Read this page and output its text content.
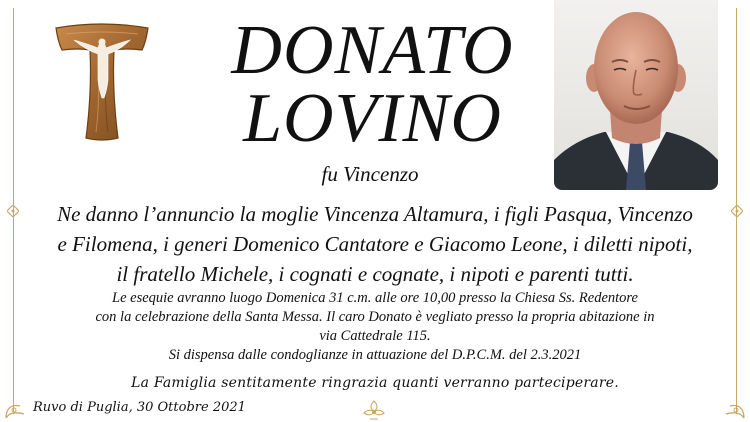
DONATO
LOVINO
fu Vincenzo
Ne danno l’annuncio la moglie Vincenza Altamura, i figli Pasqua, Vincenzo
e Filomena, i generi Domenico Cantatore e Giacomo Leone, i diletti nipoti,
il fratello Michele, i cognati e cognate, i nipoti e parenti tutti.
Le esequie avranno luogo Domenica 31 c.m. alle ore 10,00 presso la Chiesa Ss. Redentore
con la celebrazione della Santa Messa. Il caro Donato è vegliato presso la propria abitazione in
via Cattedrale 115.
Si dispensa dalle condoglianze in attuazione del D.P.C.M. del 2.3.2021
La Famiglia sentitamente ringrazia quanti verranno parteciperare.
Ruvo di Puglia, 30 Ottobre 2021
